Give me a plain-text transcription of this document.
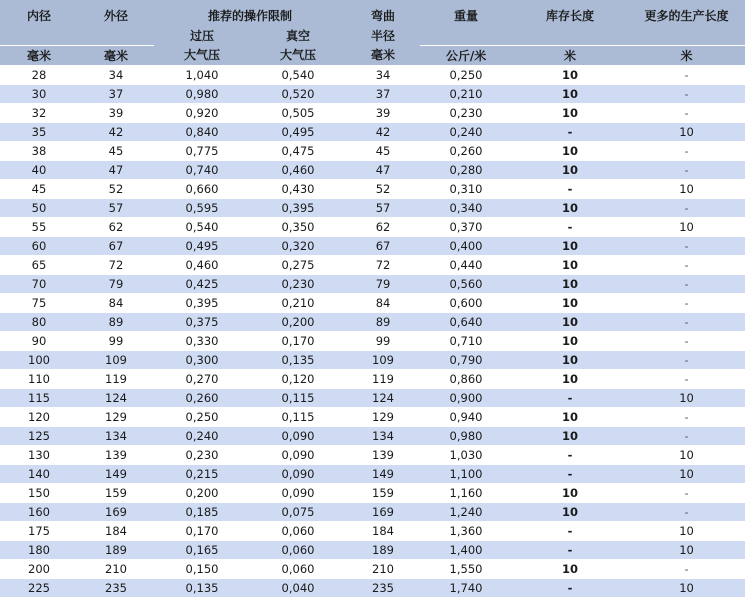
内径	外径	推荐的操作限制		弯曲	重量	库存长度	更多的生产长度
		过压	真空	半径			
毫米	毫米	大气压	大气压	毫米	公斤/米	米	米
28	34	1,040	0,540	34	0,250	10	-
30	37	0,980	0,520	37	0,210	10	-
32	39	0,920	0,505	39	0,230	10	-
35	42	0,840	0,495	42	0,240	-	10
38	45	0,775	0,475	45	0,260	10	-
40	47	0,740	0,460	47	0,280	10	-
45	52	0,660	0,430	52	0,310	-	10
50	57	0,595	0,395	57	0,340	10	-
55	62	0,540	0,350	62	0,370	-	10
60	67	0,495	0,320	67	0,400	10	-
65	72	0,460	0,275	72	0,440	10	-
70	79	0,425	0,230	79	0,560	10	-
75	84	0,395	0,210	84	0,600	10	-
80	89	0,375	0,200	89	0,640	10	-
90	99	0,330	0,170	99	0,710	10	-
100	109	0,300	0,135	109	0,790	10	-
110	119	0,270	0,120	119	0,860	10	-
115	124	0,260	0,115	124	0,900	-	10
120	129	0,250	0,115	129	0,940	10	-
125	134	0,240	0,090	134	0,980	10	-
130	139	0,230	0,090	139	1,030	-	10
140	149	0,215	0,090	149	1,100	-	10
150	159	0,200	0,090	159	1,160	10	-
160	169	0,185	0,075	169	1,240	10	-
175	184	0,170	0,060	184	1,360	-	10
180	189	0,165	0,060	189	1,400	-	10
200	210	0,150	0,060	210	1,550	10	-
225	235	0,135	0,040	235	1,740	-	10
